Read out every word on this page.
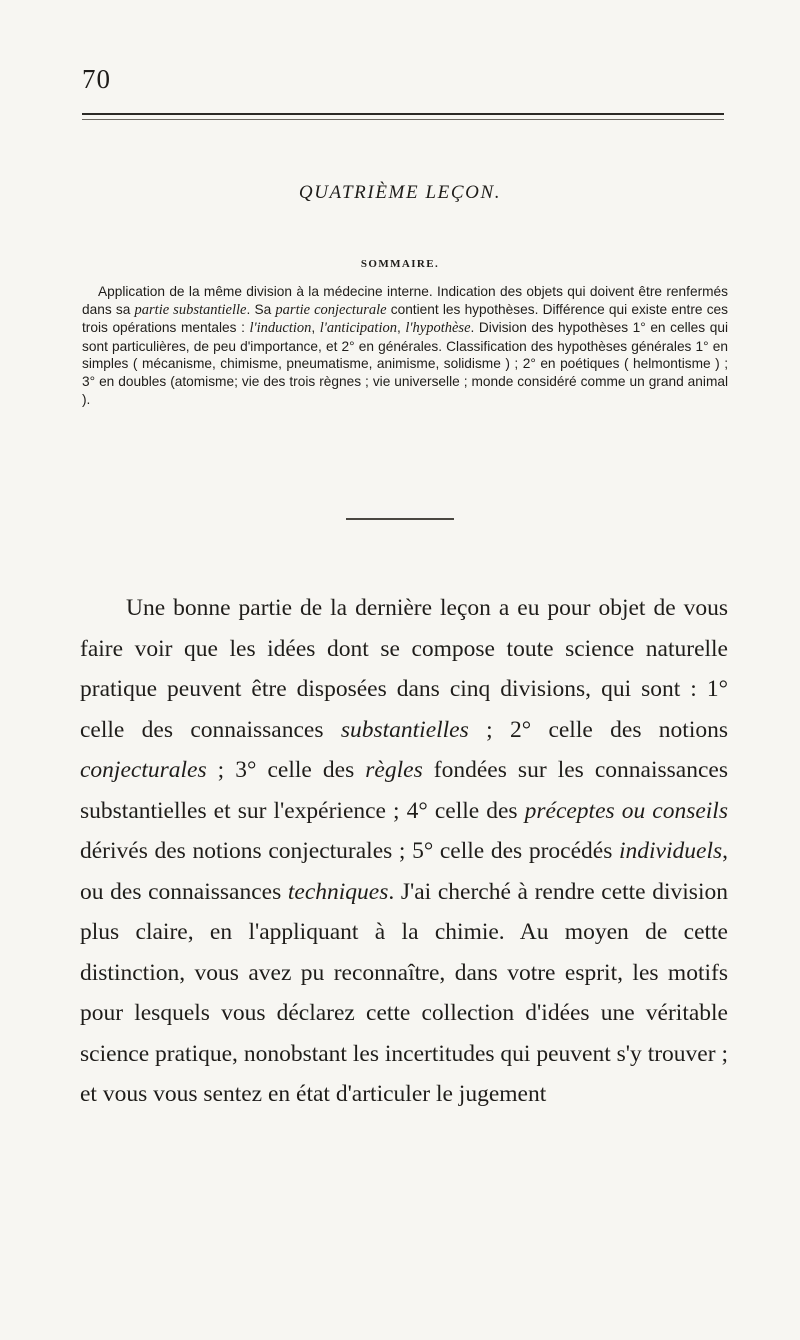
70
QUATRIÈME LEÇON.
SOMMAIRE.

Application de la même division à la médecine interne. Indication des objets qui doivent être renfermés dans sa partie substantielle. Sa partie conjecturale contient les hypothèses. Différence qui existe entre ces trois opérations mentales : l'induction, l'anticipation, l'hypothèse. Division des hypothèses 1° en celles qui sont particulières, de peu d'importance, et 2° en générales. Classification des hypothèses générales 1° en simples ( mécanisme, chimisme, pneumatisme, animisme, solidisme ) ; 2° en poétiques ( helmontisme ) ; 3° en doubles (atomisme; vie des trois règnes ; vie universelle ; monde considéré comme un grand animal ).

Une bonne partie de la dernière leçon a eu pour objet de vous faire voir que les idées dont se compose toute science naturelle pratique peuvent être disposées dans cinq divisions, qui sont : 1° celle des connaissances substantielles ; 2° celle des notions conjecturales ; 3° celle des règles fondées sur les connaissances substantielles et sur l'expérience ; 4° celle des préceptes ou conseils dérivés des notions conjecturales ; 5° celle des procédés individuels, ou des connaissances techniques. J'ai cherché à rendre cette division plus claire, en l'appliquant à la chimie. Au moyen de cette distinction, vous avez pu reconnaître, dans votre esprit, les motifs pour lesquels vous déclarez cette collection d'idées une véritable science pratique, nonobstant les incertitudes qui peuvent s'y trouver ; et vous vous sentez en état d'articuler le jugement
